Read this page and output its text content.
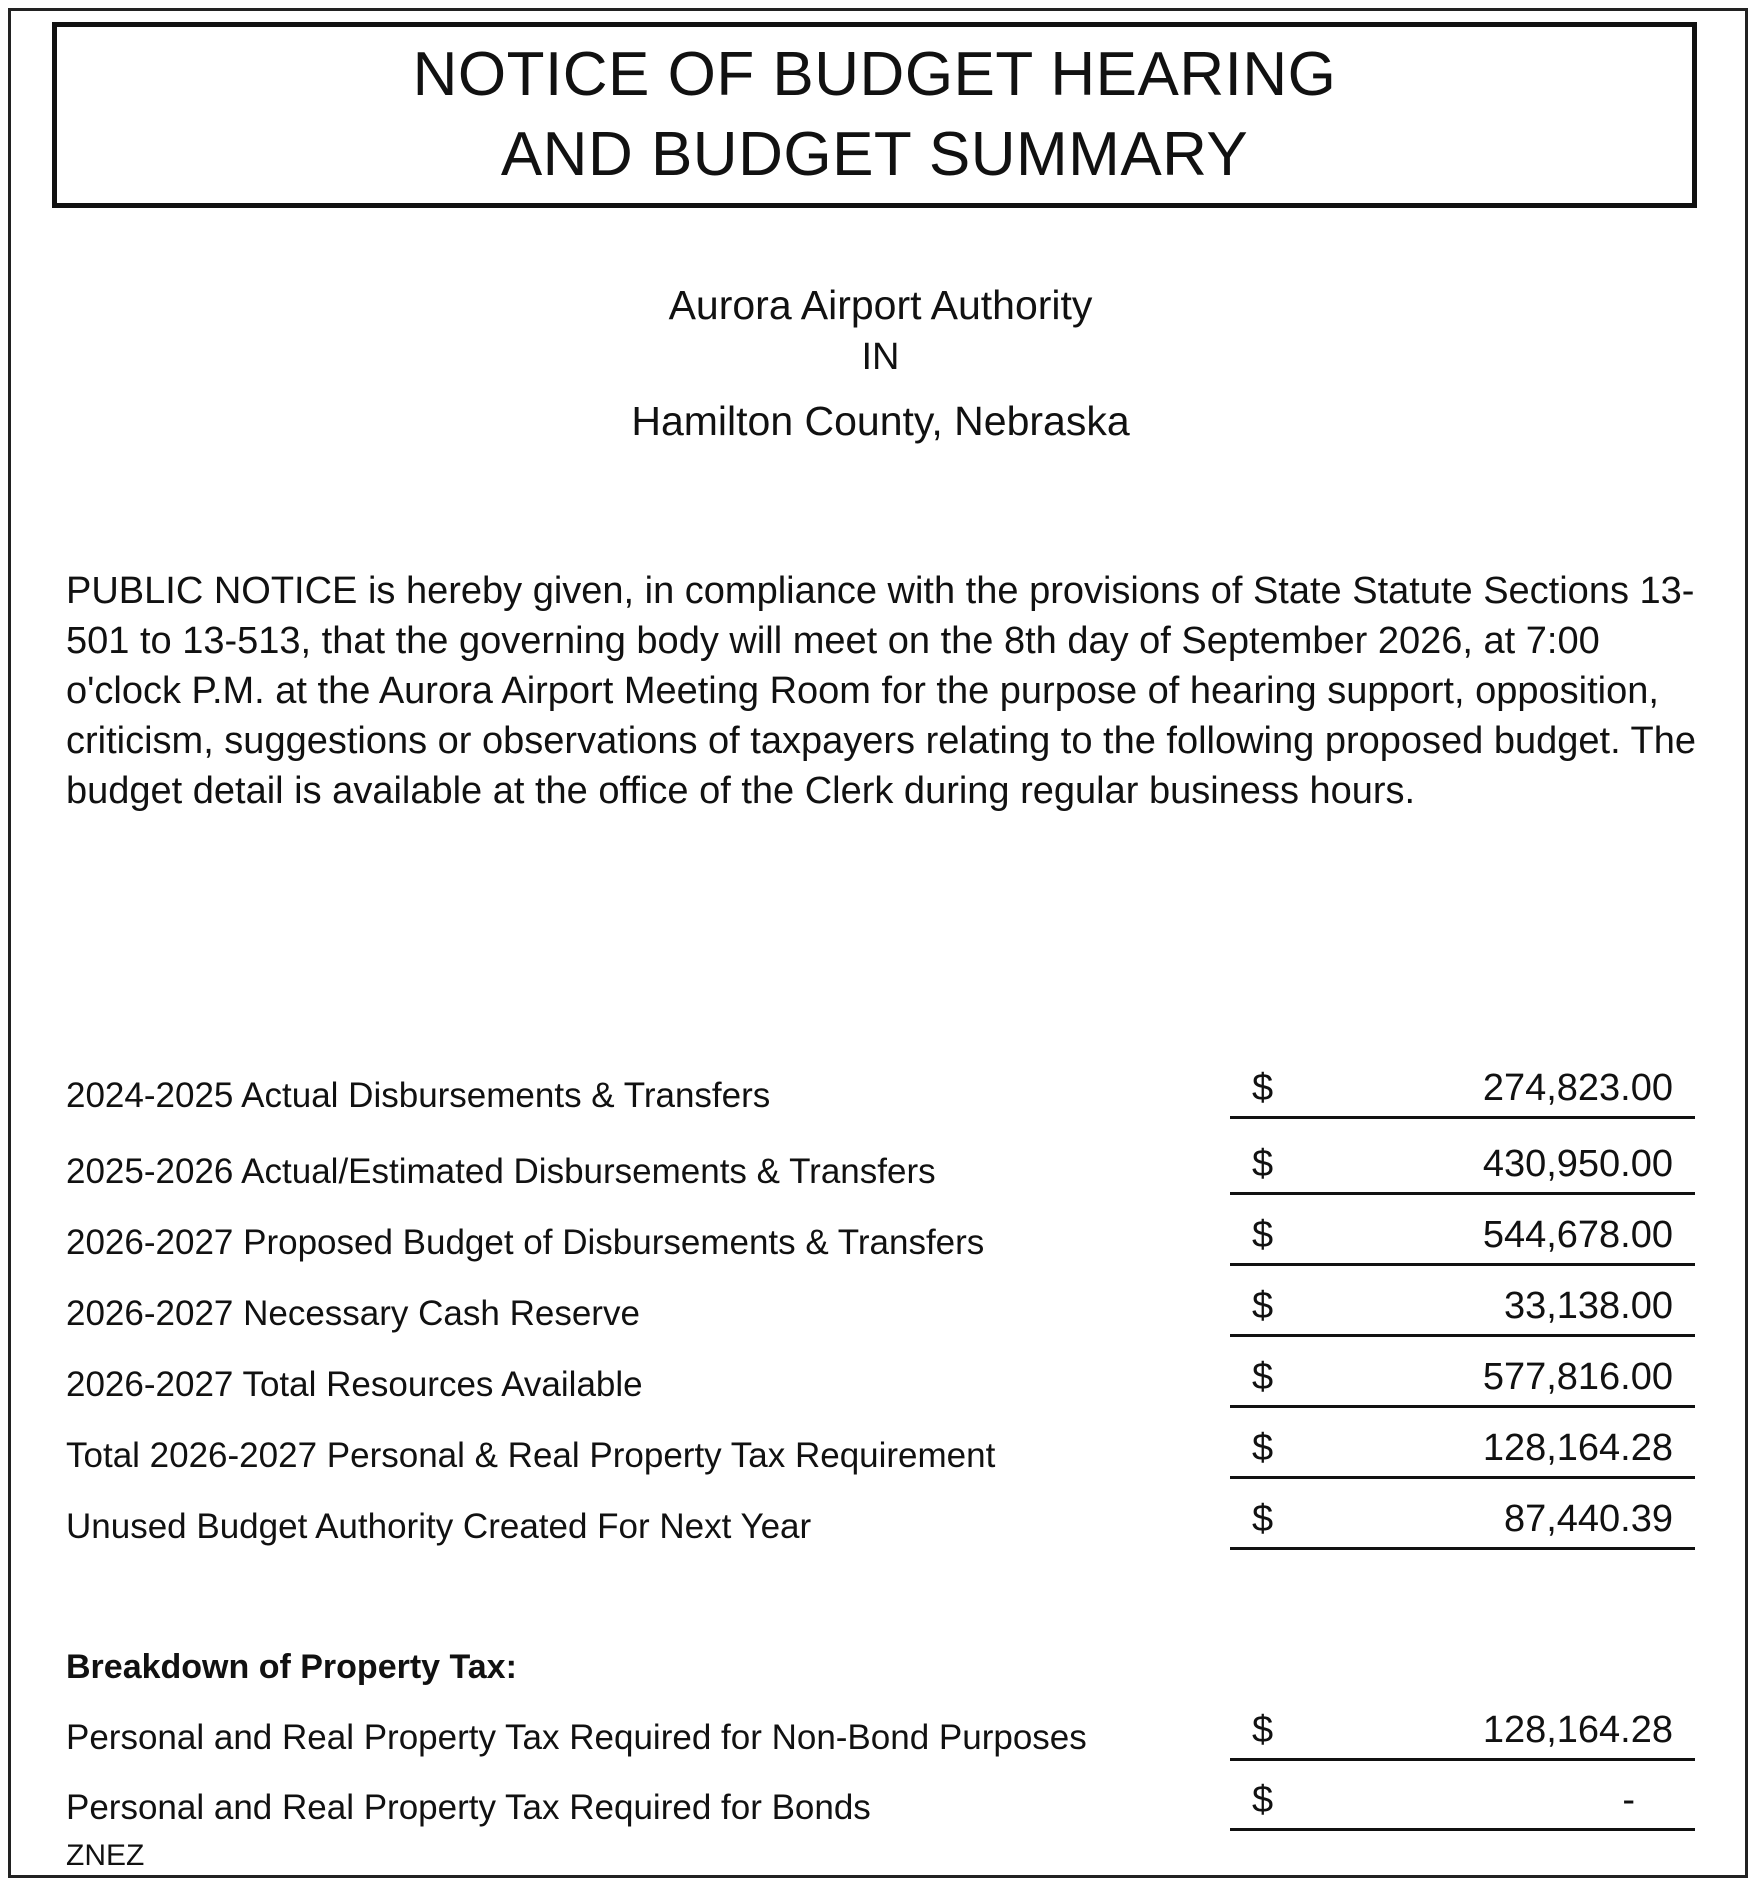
NOTICE OF BUDGET HEARING
AND BUDGET SUMMARY
Aurora Airport Authority
IN
Hamilton County, Nebraska

PUBLIC NOTICE is hereby given, in compliance with the provisions of State Statute Sections 13-501 to 13-513, that the governing body will meet on the 8th day of September 2026, at 7:00 o'clock P.M. at the Aurora Airport Meeting Room for the purpose of hearing support, opposition, criticism, suggestions or observations of taxpayers relating to the following proposed budget. The budget detail is available at the office of the Clerk during regular business hours.

2024-2025 Actual Disbursements & Transfers	$	274,823.00
2025-2026 Actual/Estimated Disbursements & Transfers	$	430,950.00
2026-2027 Proposed Budget of Disbursements & Transfers	$	544,678.00
2026-2027 Necessary Cash Reserve	$	33,138.00
2026-2027 Total Resources Available	$	577,816.00
Total 2026-2027 Personal & Real Property Tax Requirement	$	128,164.28
Unused Budget Authority Created For Next Year	$	87,440.39
Breakdown of Property Tax:
Personal and Real Property Tax Required for Non-Bond Purposes	$	128,164.28
Personal and Real Property Tax Required for Bonds	$	-
ZNEZ
